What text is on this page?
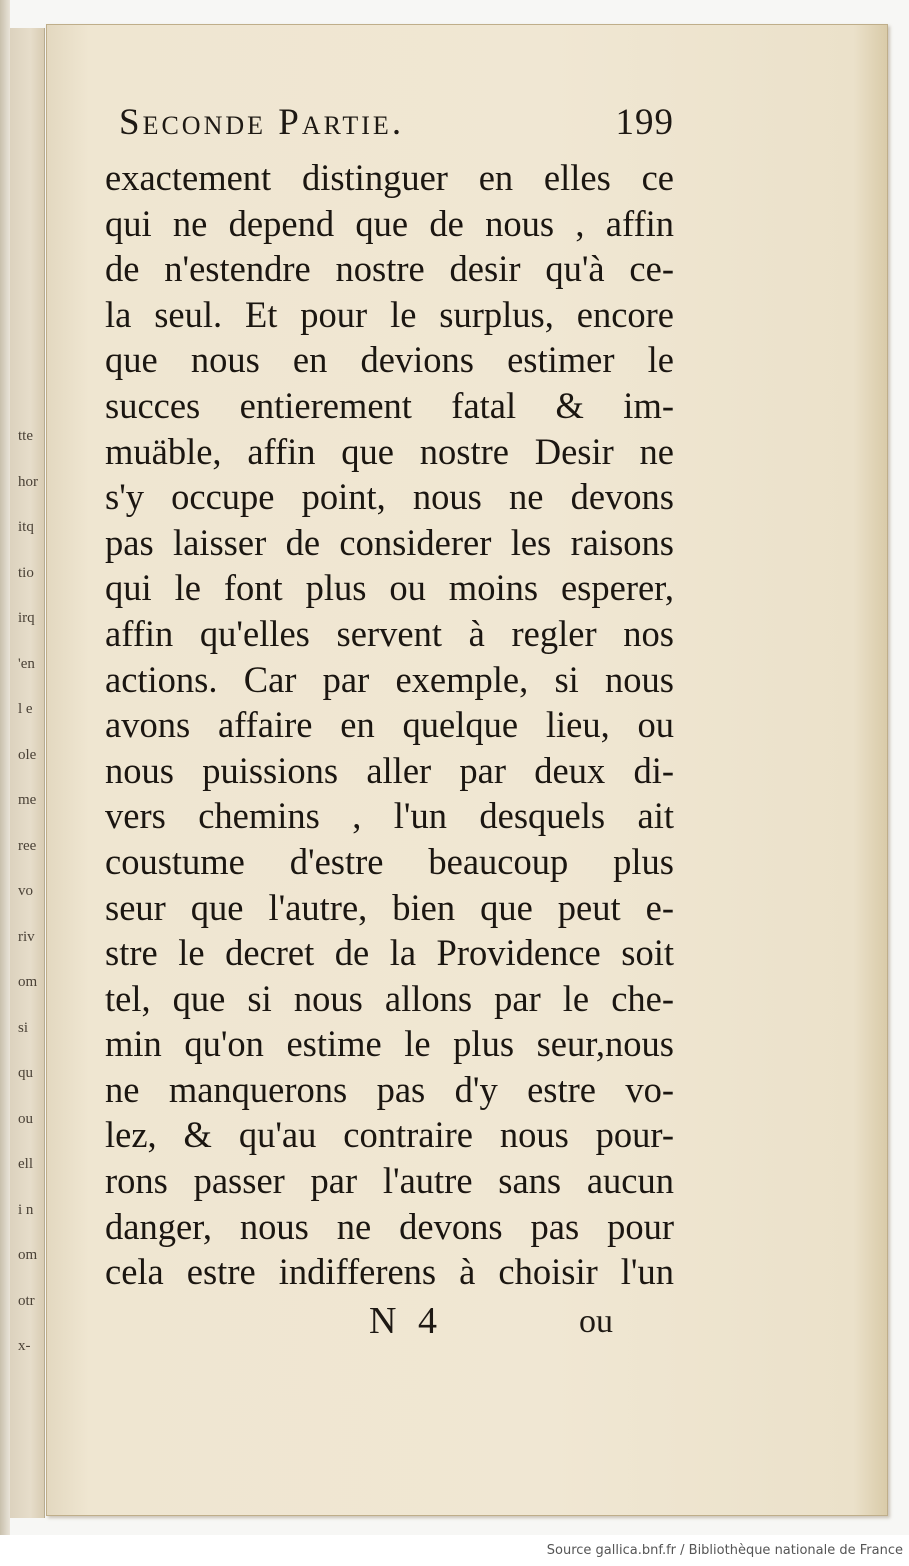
tte
hor
itq
tio
irq
'en
l e
ole
me
ree
vo
riv
om
si
qu
ou
ell
i n
om
otr
x-
Seconde Partie.	199
exactement distinguer en elles ce
qui ne depend que de nous , affin
de n'estendre nostre desir qu'à ce-
la seul. Et pour le surplus, encore
que nous en devions estimer le
succes entierement fatal & im-
muäble, affin que nostre Desir ne
s'y occupe point, nous ne devons
pas laisser de considerer les raisons
qui le font plus ou moins esperer,
affin qu'elles servent à regler nos
actions. Car par exemple, si nous
avons affaire en quelque lieu, ou
nous puissions aller par deux di-
vers chemins , l'un desquels ait
coustume d'estre beaucoup plus
seur que l'autre, bien que peut e-
stre le decret de la Providence soit
tel, que si nous allons par le che-
min qu'on estime le plus seur,nous
ne manquerons pas d'y estre vo-
lez, & qu'au contraire nous pour-
rons passer par l'autre sans aucun
danger, nous ne devons pas pour
cela estre indifferens à choisir l'un
N 4	ou
Source gallica.bnf.fr / Bibliothèque nationale de France
